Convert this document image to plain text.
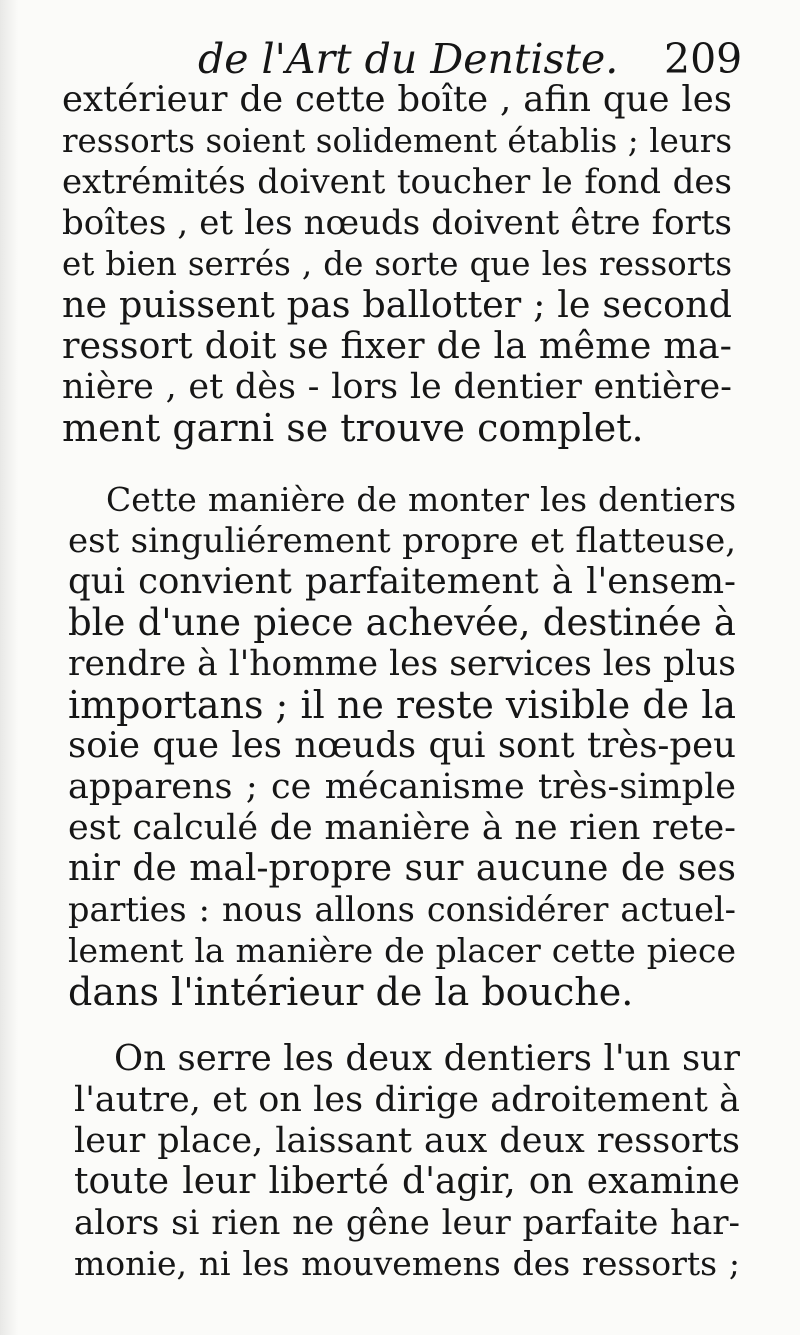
de l'Art du Dentiste. 209
extérieur de cette boîte , afin que les
ressorts soient solidement établis ; leurs
extrémités doivent toucher le fond des
boîtes , et les nœuds doivent être forts
et bien serrés , de sorte que les ressorts
ne puissent pas ballotter ; le second
ressort doit se fixer de la même ma-
nière , et dès - lors le dentier entière-
ment garni se trouve complet.
Cette manière de monter les dentiers
est singuliérement propre et flatteuse,
qui convient parfaitement à l'ensem-
ble d'une piece achevée, destinée à
rendre à l'homme les services les plus
importans ; il ne reste visible de la
soie que les nœuds qui sont très-peu
apparens ; ce mécanisme très-simple
est calculé de manière à ne rien rete-
nir de mal-propre sur aucune de ses
parties : nous allons considérer actuel-
lement la manière de placer cette piece
dans l'intérieur de la bouche.
On serre les deux dentiers l'un sur
l'autre, et on les dirige adroitement à
leur place, laissant aux deux ressorts
toute leur liberté d'agir, on examine
alors si rien ne gêne leur parfaite har-
monie, ni les mouvemens des ressorts ;
